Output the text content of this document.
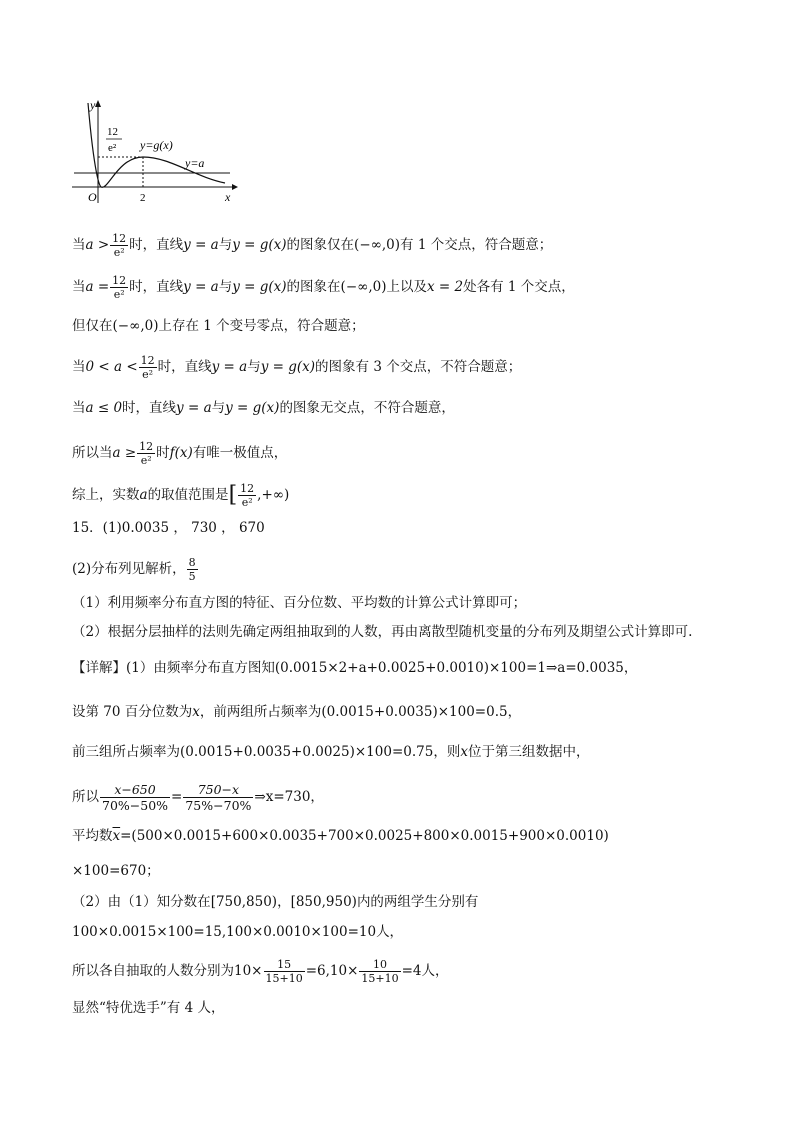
y
x
O	2
12
e² y=g(x)
y=a
当$a > \frac{12}{\text{e²}}$ 时，直线y = a与y = g(x)的图象仅在(−∞,0)有 1 个交点，符合题意；
当$a = \frac{12}{\text{e²}}$ 时，直线y = a与y = g(x)的图象在(−∞,0)上以及x = 2处各有 1 个交点，
但仅在(−∞,0)上存在 1 个变号零点，符合题意；
当$0 < a < \frac{12}{\text{e²}}$ 时，直线y = a与y = g(x)的图象有 3 个交点，不符合题意；
当a ≤ 0时，直线y = a与y = g(x)的图象无交点，不符合题意，
所以当$a \ge \frac{12}{\text{e²}}$ 时f(x)有唯一极值点，
综上，实数a的取值范围是[ $\frac{12}{\text{e²}}$ ,+∞)
15．(1)0.0035 ， 730 ， 670
(2)分布列见解析， $\frac{8}{5}$
（1）利用频率分布直方图的特征、百分位数、平均数的计算公式计算即可；
（2）根据分层抽样的法则先确定两组抽取到的人数，再由离散型随机变量的分布列及期望公式计算即可.
【详解】(1）由频率分布直方图知(0.0015×2+a+0.0025+0.0010)×100=1⇒a=0.0035，
设第 70 百分位数为x，前两组所占频率为(0.0015+0.0035)×100=0.5，
前三组所占频率为(0.0015+0.0035+0.0025)×100=0.75，则x位于第三组数据中，
所以 $\frac{x-650}{70\%-50\%} = \frac{750-x}{75\%-70\%}$ ⇒x=730，
平均数$\overline{x}=(500\times 0.0015+600\times 0.0035+700\times 0.0025+800\times 0.0015+900\times 0.0010)$
×100=670；
（2）由（1）知分数在[750,850)，[850,950)内的两组学生分别有
100×0.0015×100=15,100×0.0010×100=10人，
所以各自抽取的人数分别为$10\times \frac{15}{15+10} =6,10\times \frac{10}{15+10} =4$人，
显然“特优选手”有 4 人，
